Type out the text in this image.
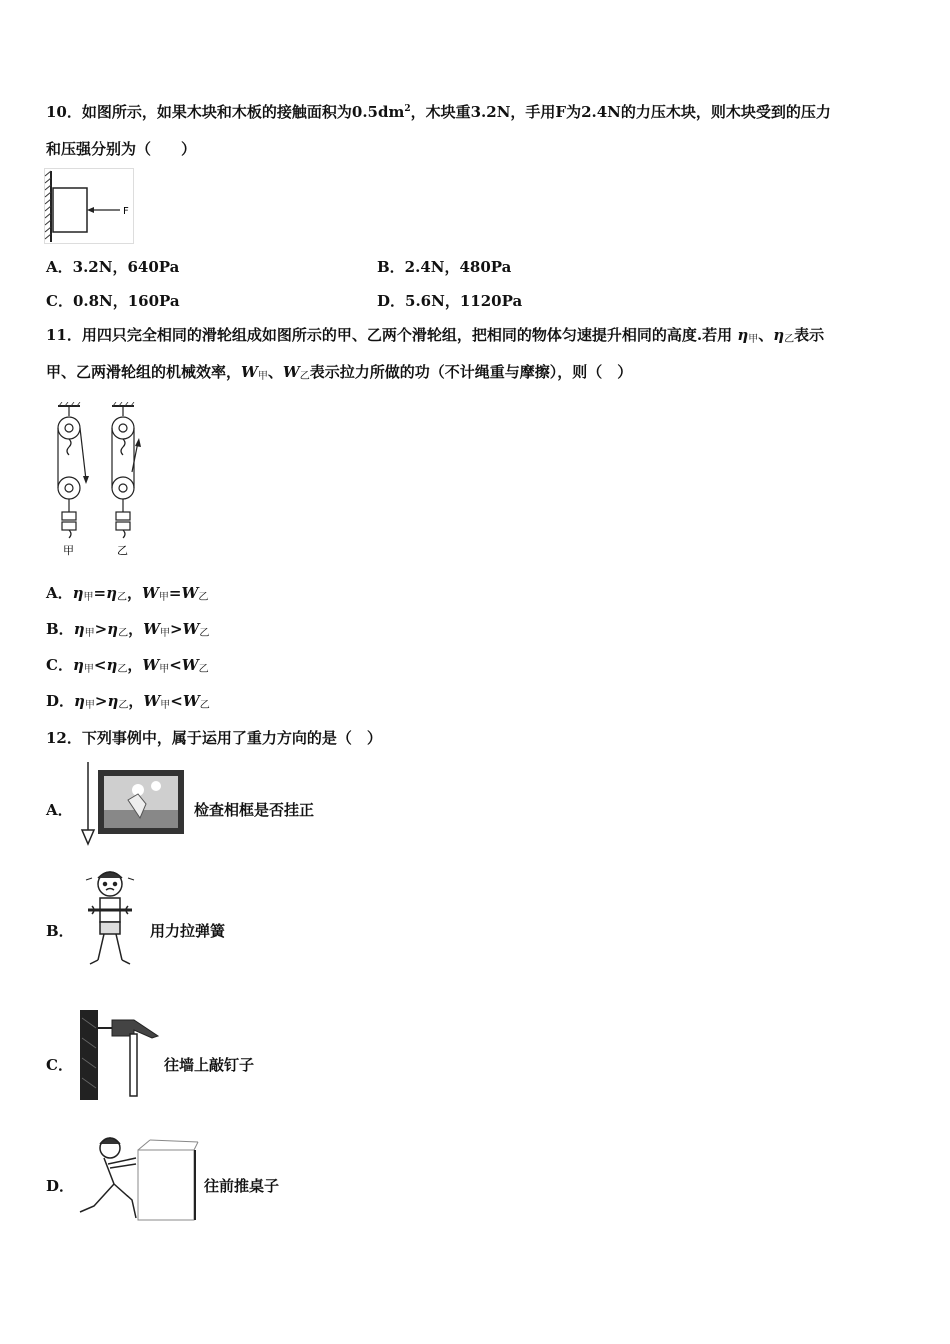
10．如图所示，如果木块和木板的接触面积为$0.5dm^2$，木块重3.2N，手用F为2.4N的力压木块，则木块受到的压力
和压强分别为（　　）
F
A．3.2N，640Pa	B．2.4N，480Pa
C．0.8N，160Pa	D．5.6N，1120Pa
11．用四只完全相同的滑轮组成如图所示的甲、乙两个滑轮组，把相同的物体匀速提升相同的高度.若用 η甲、η乙表示
甲、乙两滑轮组的机械效率，W甲、W乙表示拉力所做的功（不计绳重与摩擦），则（　）
甲	乙
A．η甲=η乙，W甲=W乙
B．η甲>η乙，W甲>W乙
C．η甲<η乙，W甲<W乙
D．η甲>η乙，W甲<W乙
12．下列事例中，属于运用了重力方向的是（　）
A．	检查相框是否挂正
B．	用力拉弹簧
C．	往墙上敲钉子
D．	往前推桌子
